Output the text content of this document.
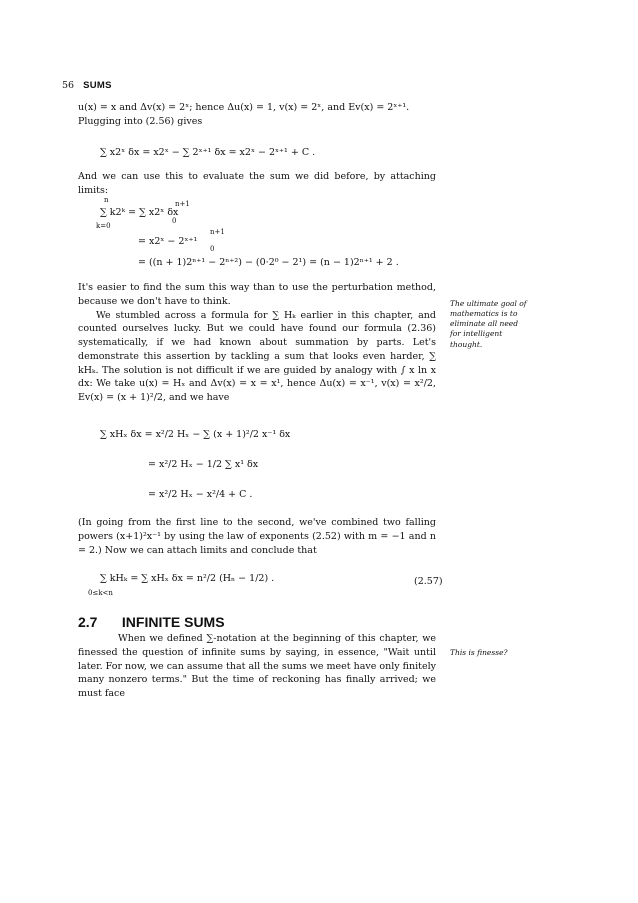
56 SUMS

u(x) = x and Δv(x) = 2ˣ; hence Δu(x) = 1, v(x) = 2ˣ, and Ev(x) = 2ˣ⁺¹.

Plugging into (2.56) gives

∑ x2ˣ δx = x2ˣ − ∑ 2ˣ⁺¹ δx = x2ˣ − 2ˣ⁺¹ + C .
And we can use this to evaluate the sum we did before, by attaching limits:
n
k=0
∑ k2ᵏ = ∑ x2ˣ δx
n+1
0
= x2ˣ − 2ˣ⁺¹
n+1
0
= ((n + 1)2ⁿ⁺¹ − 2ⁿ⁺²) − (0·2⁰ − 2¹) = (n − 1)2ⁿ⁺¹ + 2 .

It's easier to find the sum this way than to use the perturbation method, because we don't have to think.

We stumbled across a formula for ∑ Hₖ earlier in this chapter, and counted ourselves lucky. But we could have found our formula (2.36) systematically, if we had known about summation by parts. Let's demonstrate this assertion by tackling a sum that looks even harder, ∑ kHₖ. The solution is not difficult if we are guided by analogy with ∫ x ln x dx: We take u(x) = Hₓ and Δv(x) = x = x¹, hence Δu(x) = x⁻¹, v(x) = x²/2, Ev(x) = (x + 1)²/2, and we have

The ultimate goal of mathematics is to eliminate all need for intelligent thought.
∑ xHₓ δx = x²/2 Hₓ − ∑ (x + 1)²/2 x⁻¹ δx
= x²/2 Hₓ − 1/2 ∑ x¹ δx
= x²/2 Hₓ − x²/4 + C .
(In going from the first line to the second, we've combined two falling powers (x+1)²x⁻¹ by using the law of exponents (2.52) with m = −1 and n = 2.) Now we can attach limits and conclude that
∑ kHₖ = ∑ xHₓ δx = n²/2 (Hₙ − 1/2) .
0≤k<n
(2.57)
2.7 INFINITE SUMS
When we defined ∑-notation at the beginning of this chapter, we finessed the question of infinite sums by saying, in essence, "Wait until later. For now, we can assume that all the sums we meet have only finitely many nonzero terms." But the time of reckoning has finally arrived; we must face
This is finesse?
